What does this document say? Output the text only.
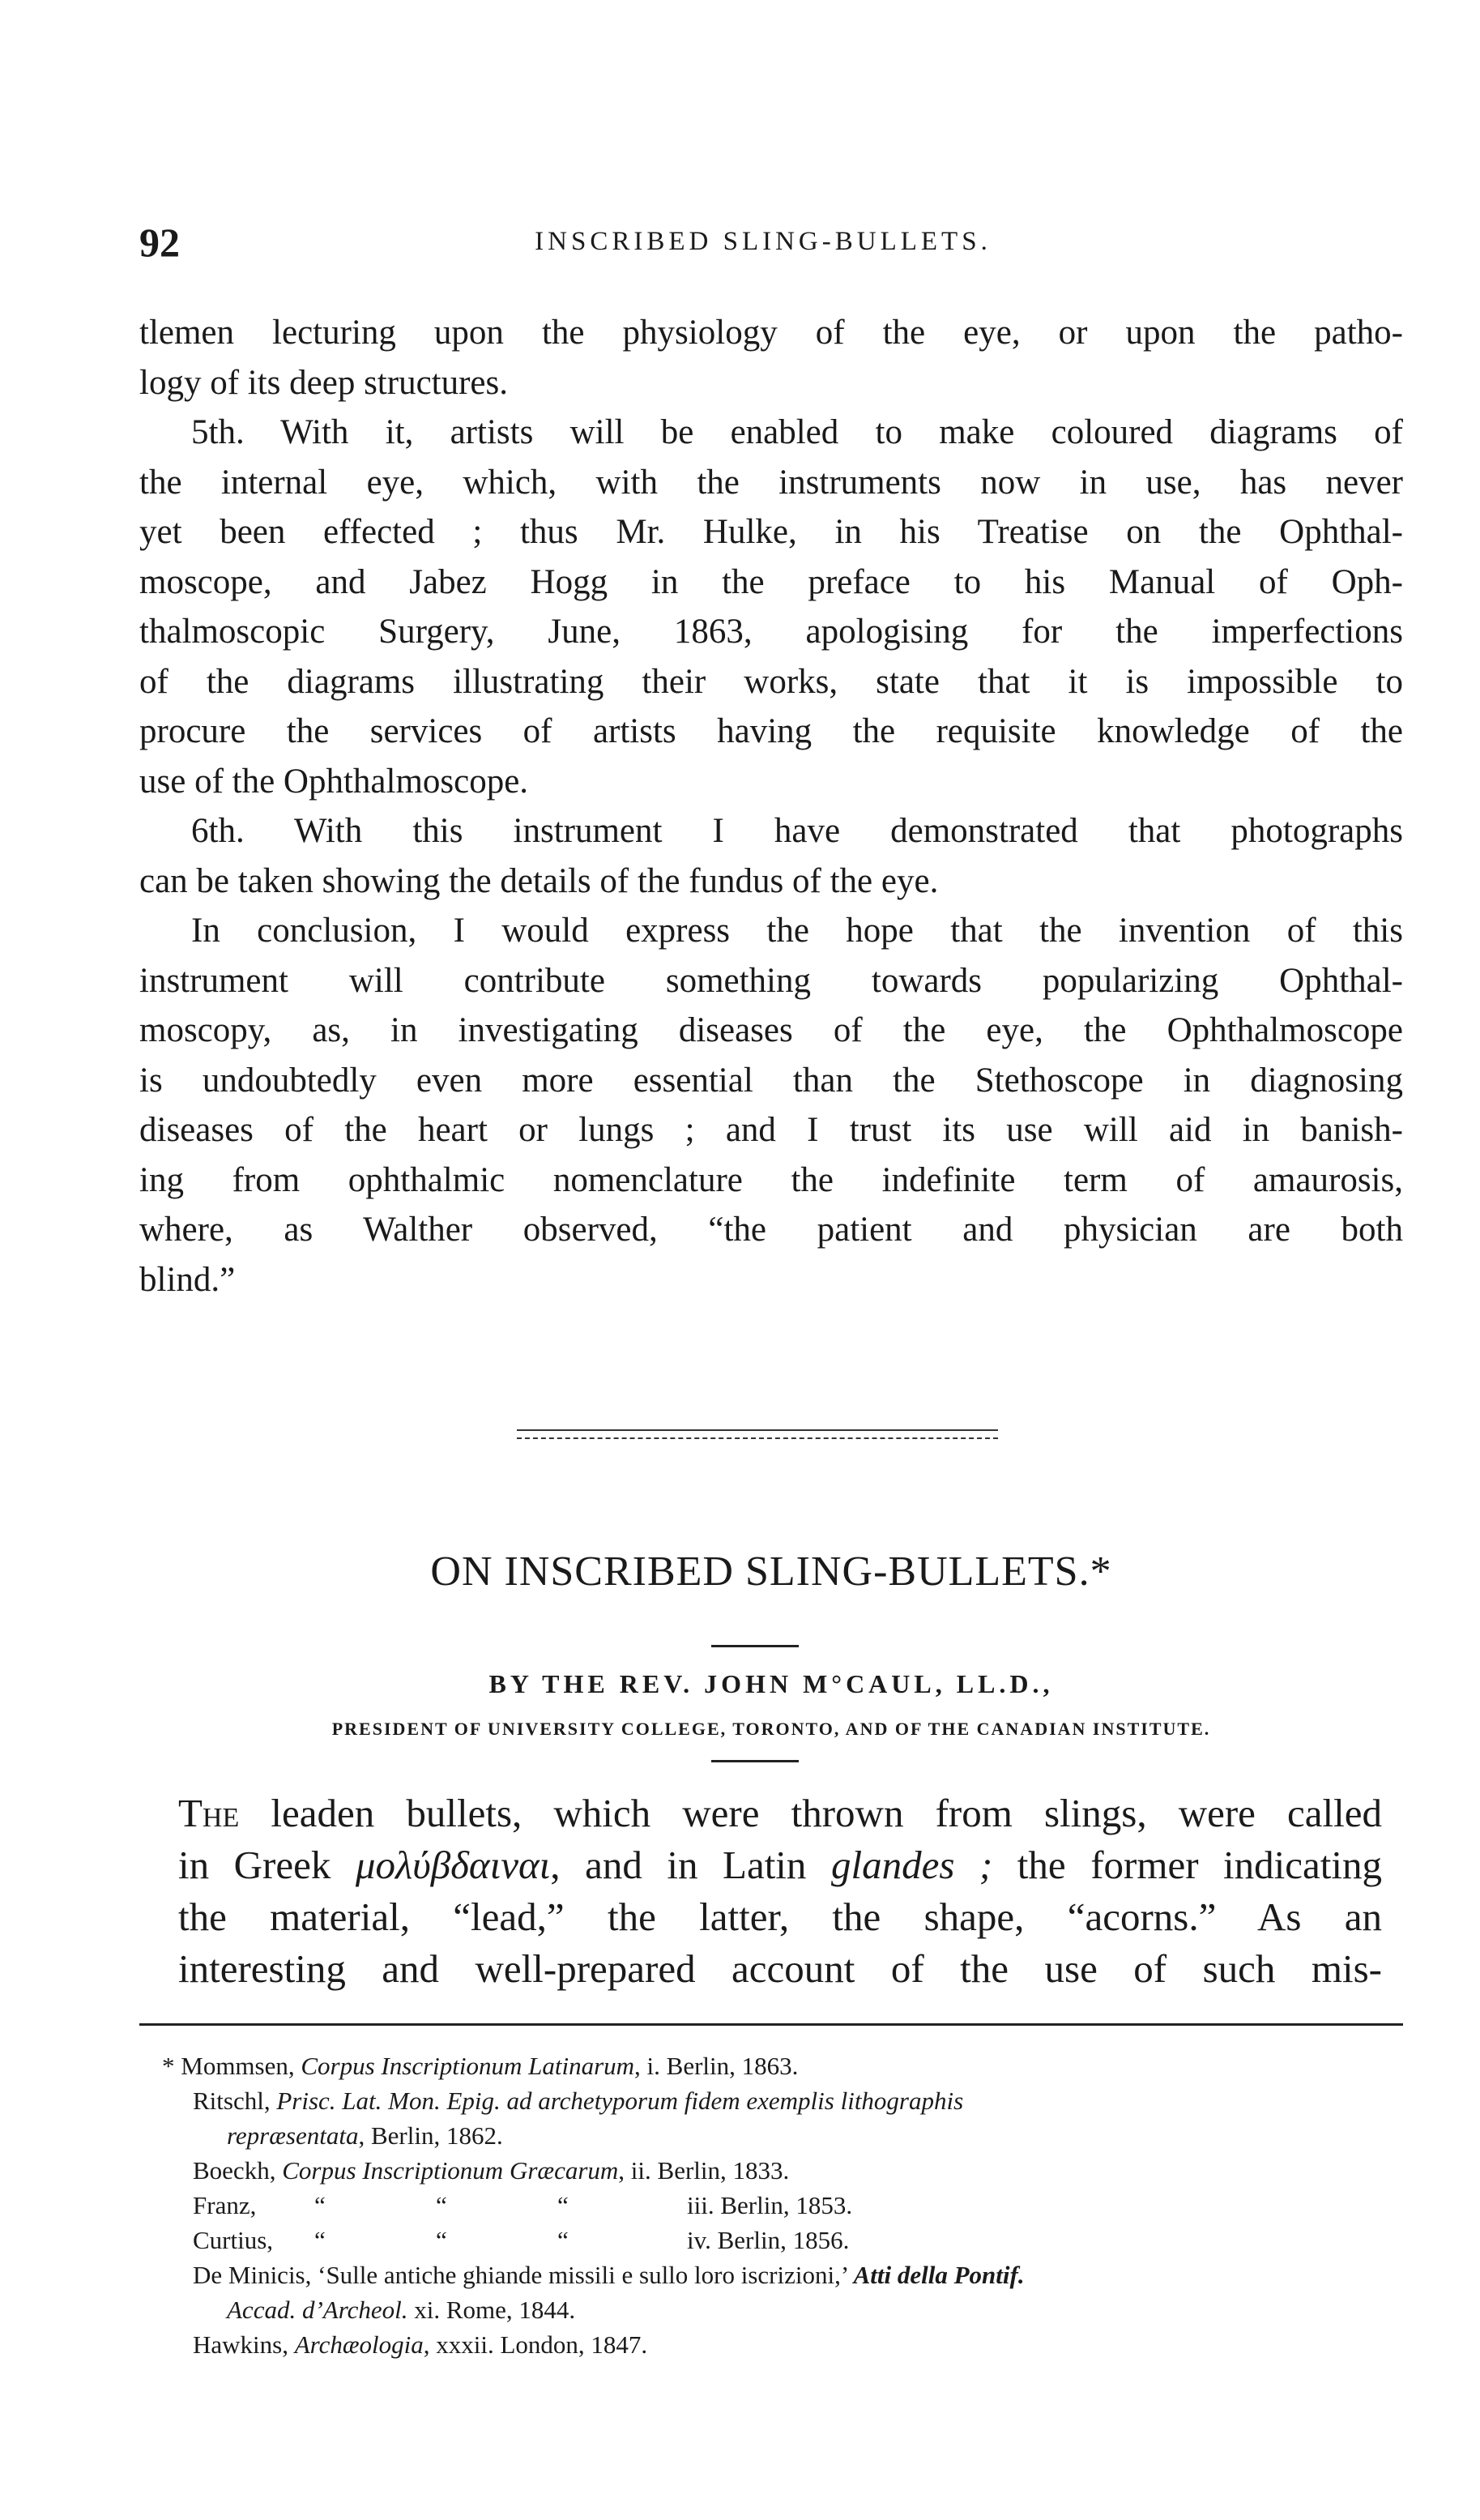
92	INSCRIBED SLING-BULLETS.
tlemen lecturing upon the physiology of the eye, or upon the patho-
logy of its deep structures.
5th. With it, artists will be enabled to make coloured diagrams of
the internal eye, which, with the instruments now in use, has never
yet been effected ; thus Mr. Hulke, in his Treatise on the Ophthal-
moscope, and Jabez Hogg in the preface to his Manual of Oph-
thalmoscopic Surgery, June, 1863, apologising for the imperfections
of the diagrams illustrating their works, state that it is impossible to
procure the services of artists having the requisite knowledge of the
use of the Ophthalmoscope.
6th. With this instrument I have demonstrated that photographs
can be taken showing the details of the fundus of the eye.
In conclusion, I would express the hope that the invention of this
instrument will contribute something towards popularizing Ophthal-
moscopy, as, in investigating diseases of the eye, the Ophthalmoscope
is undoubtedly even more essential than the Stethoscope in diagnosing
diseases of the heart or lungs ; and I trust its use will aid in banish-
ing from ophthalmic nomenclature the indefinite term of amaurosis,
where, as Walther observed, “the patient and physician are both
blind.”
ON INSCRIBED SLING-BULLETS.*
BY THE REV. JOHN M°CAUL, LL.D.,
PRESIDENT OF UNIVERSITY COLLEGE, TORONTO, AND OF THE CANADIAN INSTITUTE.
The leaden bullets, which were thrown from slings, were called
in Greek μολύβδαιναι, and in Latin glandes ; the former indicating
the material, “lead,” the latter, the shape, “acorns.” As an
interesting and well-prepared account of the use of such mis-
* Mommsen, Corpus Inscriptionum Latinarum, i. Berlin, 1863.
Ritschl, Prisc. Lat. Mon. Epig. ad archetyporum fidem exemplis lithographis
repræsentata, Berlin, 1862.
Boeckh, Corpus Inscriptionum Græcarum, ii. Berlin, 1833.
Franz, “	“	“	iii. Berlin, 1853.
Curtius, “	“	“	iv. Berlin, 1856.
De Minicis, ‘Sulle antiche ghiande missili e sullo loro iscrizioni,’ Atti della Pontif.
Accad. d’Archeol. xi. Rome, 1844.
Hawkins, Archæologia, xxxii. London, 1847.
